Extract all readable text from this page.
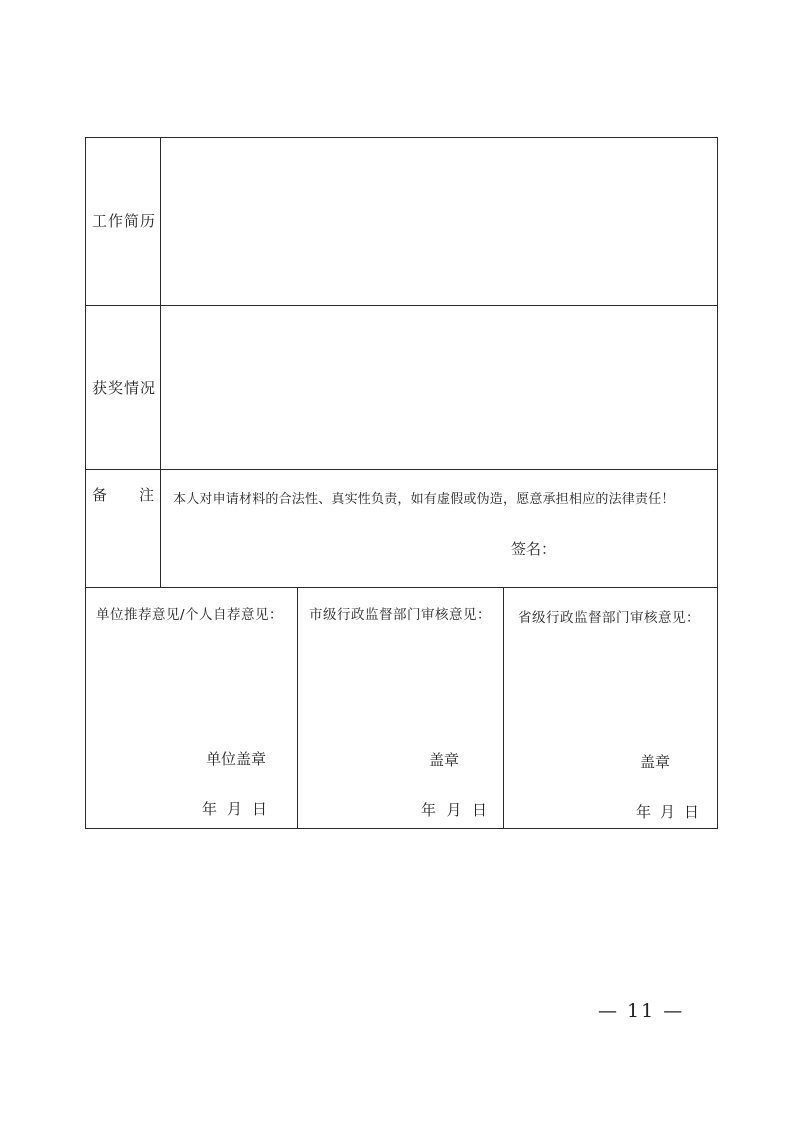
工作简历
获奖情况
备 注 本人对申请材料的合法性、真实性负责，如有虚假或伪造，愿意承担相应的法律责任！
签名：
单位推荐意见/个人自荐意见：
单位盖章
年 月 日
市级行政监督部门审核意见：
盖章
年 月 日
省级行政监督部门审核意见：
盖章
年 月 日
— 11 —
